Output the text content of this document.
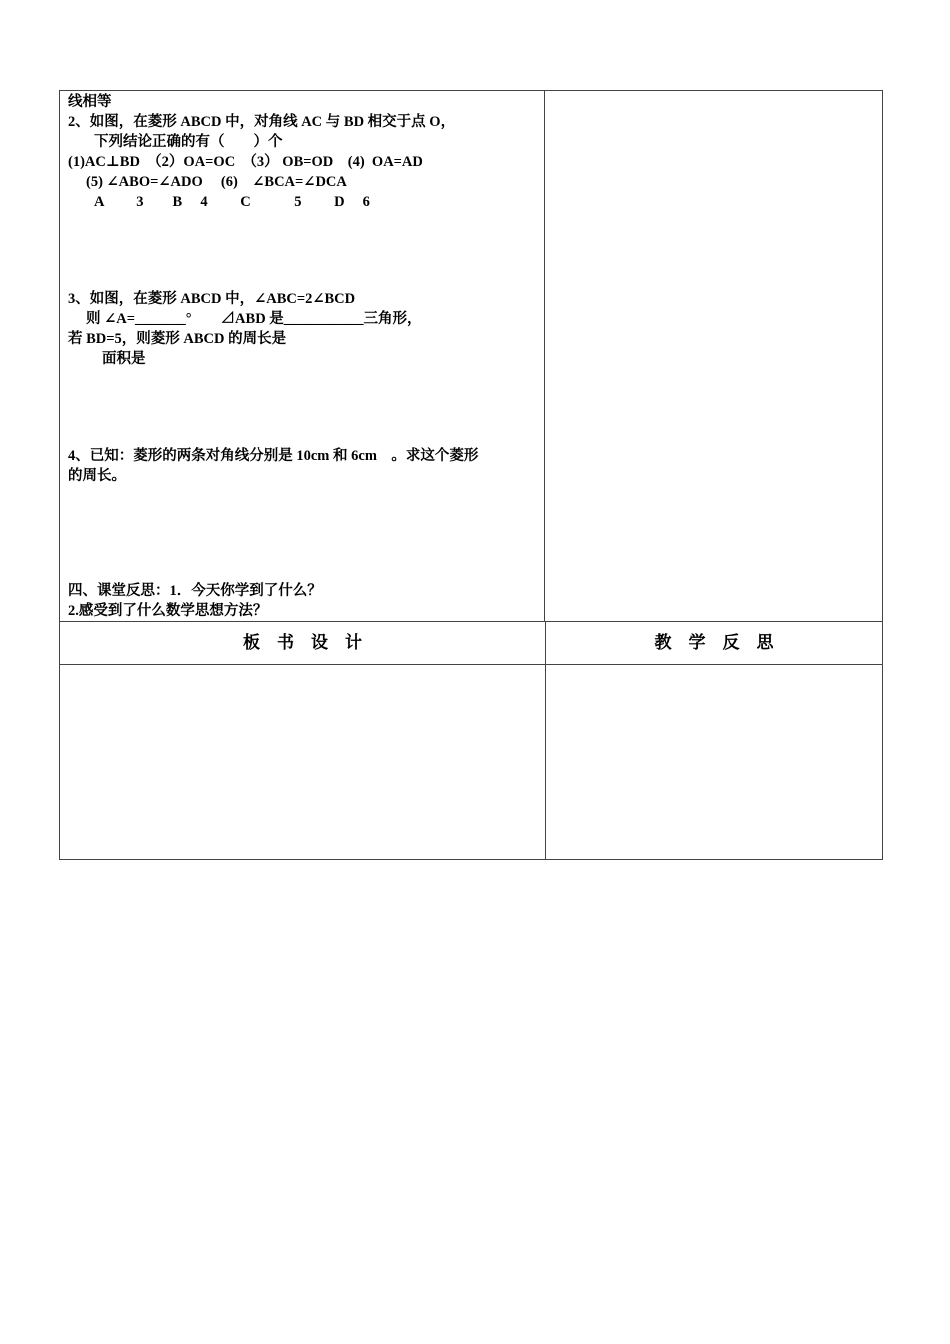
线相等
2、如图，在菱形 ABCD 中，对角线 AC 与 BD 相交于点 O，
下列结论正确的有（　　）个
(1)AC⊥BD　（2）OA=OC　（3） OB=OD　(4)  OA=AD
(5) ∠ABO=∠ADO　 (6)　∠BCA=∠DCA
A　　 3　　B　 4　　 C　　　5　　 D　 6
3、如图，在菱形 ABCD 中，∠ABC=2∠BCD
则 ∠A=_______°　　⊿ABD 是___________三角形，
若 BD=5，则菱形 ABCD 的周长是
面积是
4、已知：菱形的两条对角线分别是 10cm 和 6cm　。求这个菱形
的周长。
四、课堂反思：1．今天你学到了什么？
2.感受到了什么数学思想方法？
板　书　设　计	教　学　反　思
